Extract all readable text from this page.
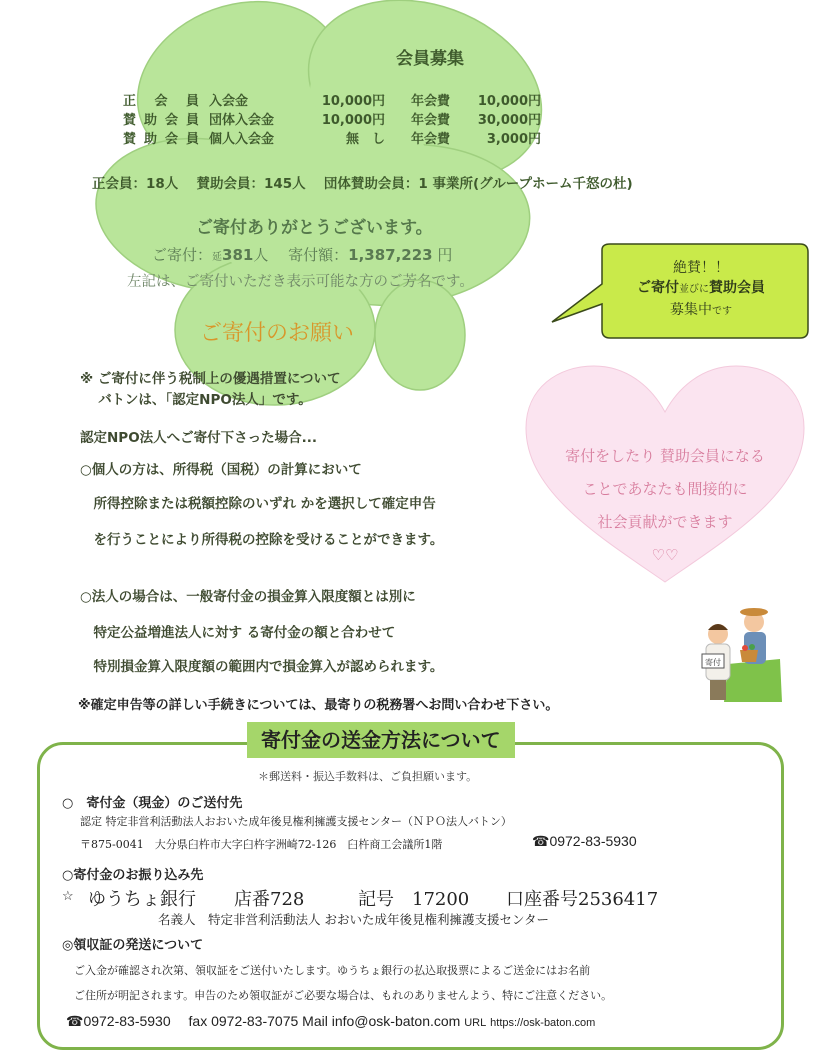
会員募集
正会員 入会金	10,000円 年会費 10,000円
賛助会員 団体入会金	10,000円 年会費 30,000円
賛助会員 個人入会金	無　し 年会費	3,000円
正会員：18人　 賛助会員：145人　 団体賛助会員：1 事業所(グループホーム千怒の杜)
ご寄付ありがとうございます。
ご寄付：延381人　 寄付額：1,387,223 円
左記は、ご寄付いただき表示可能な方のご芳名です。
絶賛！！
ご寄付並びに賛助会員
募集中です
ご寄付のお願い
※ ご寄付に伴う税制上の優遇措置について
　 バトンは、「認定NPO法人」です。
認定NPO法人へご寄付下さった場合...
○個人の方は、所得税（国税）の計算において
　所得控除または税額控除のいずれ かを選択して確定申告
　を行うことにより所得税の控除を受けることができます。
○法人の場合は、一般寄付金の損金算入限度額とは別に
　特定公益増進法人に対す る寄付金の額と合わせて
　特別損金算入限度額の範囲内で損金算入が認められます。
寄付をしたり 賛助会員になる
ことであなたも間接的に
社会貢献ができます
♡♡
寄付
※確定申告等の詳しい手続きについては、最寄りの税務署へお問い合わせ下さい。
寄付金の送金方法について
＊郵送料・振込手数料は、ご負担願います。
○　寄付金（現金）のご送付先
認定 特定非営利活動法人おおいた成年後見権利擁護支援センター（ＮＰＯ法人バトン）
〒875-0041　大分県臼杵市大字臼杵字洲崎72-126　臼杵商工会議所1階	☎0972-83-5930
○寄付金のお振り込み先
☆ ゆうちょ銀行 店番728	記号　17200 口座番号2536417
名義人　特定非営利活動法人 おおいた成年後見権利擁護支援センター
◎領収証の発送について
ご入金が確認され次第、領収証をご送付いたします。ゆうちょ銀行の払込取扱票によるご送金にはお名前
ご住所が明記されます。申告のため領収証がご必要な場合は、もれのありませんよう、特にご注意ください。
☎0972-83-5930　 fax 0972-83-7075 Mail info@osk-baton.com URL https://osk-baton.com
